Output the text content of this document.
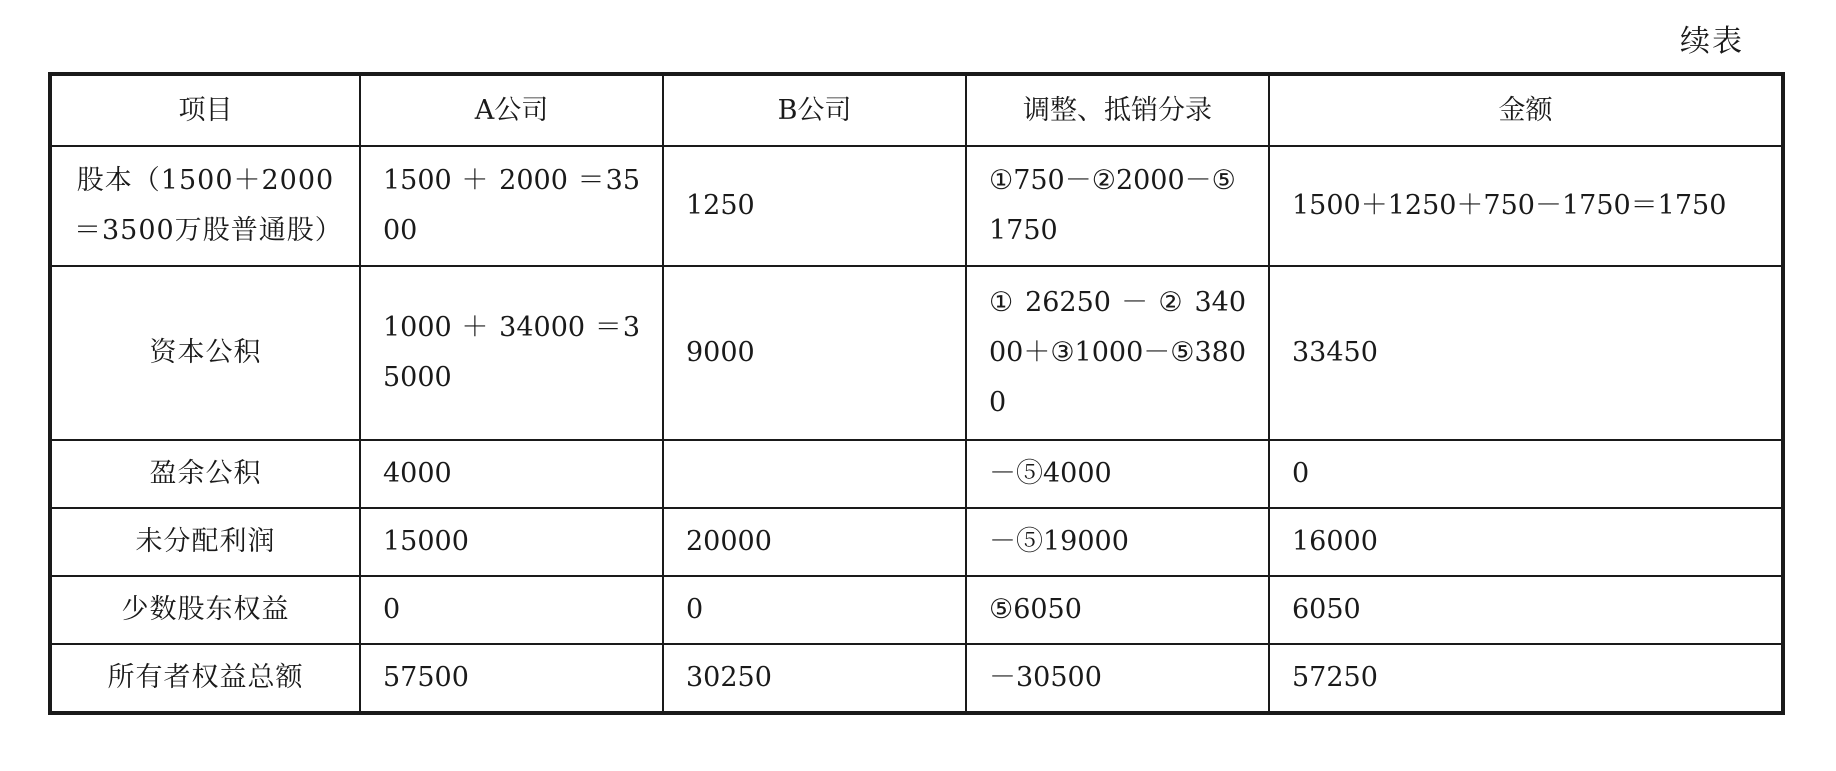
续表
项目	A公司	B公司	调整、抵销分录	金额
股本（1500＋2000＝3500万股普通股）	1500 ＋ 2000 ＝3500	1250	①750－②2000－⑤1750	1500＋1250＋750－1750＝1750
资本公积	1000 ＋ 34000 ＝35000	9000	① 26250 － ② 34000＋③1000－⑤3800	33450
盈余公积	4000		－⑤4000	0
未分配利润	15000	20000	－⑤19000	16000
少数股东权益	0	0	⑤6050	6050
所有者权益总额	57500	30250	－30500	57250
